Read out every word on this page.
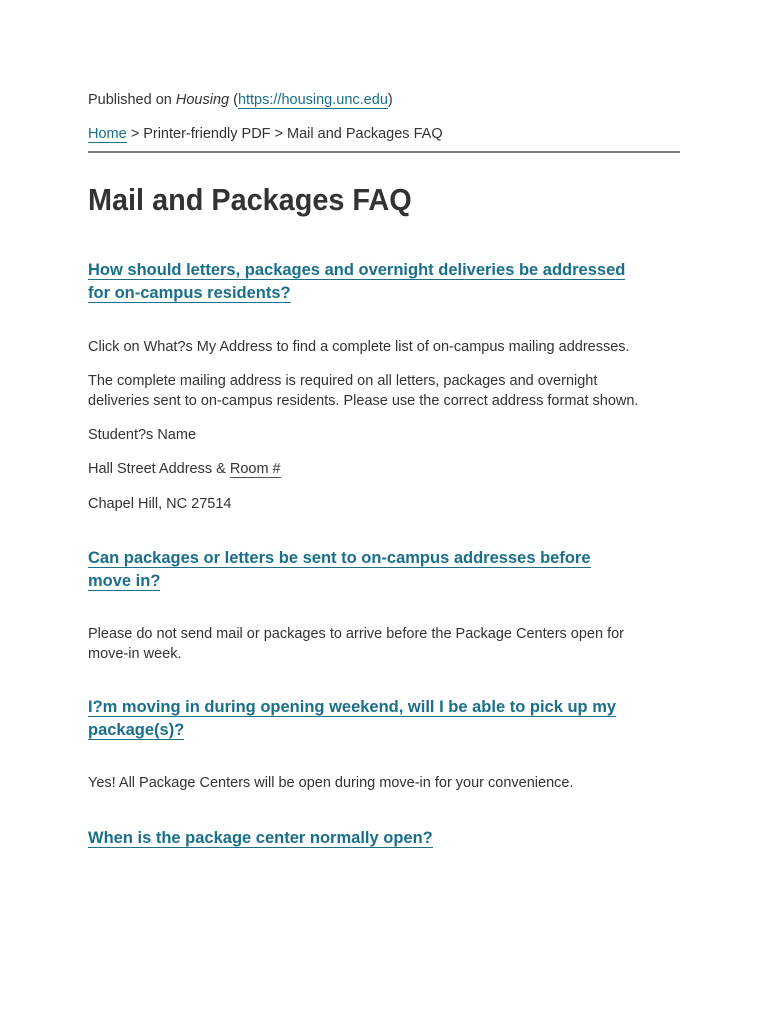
Published on Housing (https://housing.unc.edu)
Home > Printer-friendly PDF > Mail and Packages FAQ
Mail and Packages FAQ
How should letters, packages and overnight deliveries be addressed
for on-campus residents?

Click on What?s My Address to find a complete list of on-campus mailing addresses.

The complete mailing address is required on all letters, packages and overnight
deliveries sent to on-campus residents. Please use the correct address format shown.

Student?s Name

Hall Street Address & Room #

Chapel Hill, NC 27514

Can packages or letters be sent to on-campus addresses before
move in?

Please do not send mail or packages to arrive before the Package Centers open for
move-in week.

I?m moving in during opening weekend, will I be able to pick up my
package(s)?

Yes! All Package Centers will be open during move-in for your convenience.

When is the package center normally open?
